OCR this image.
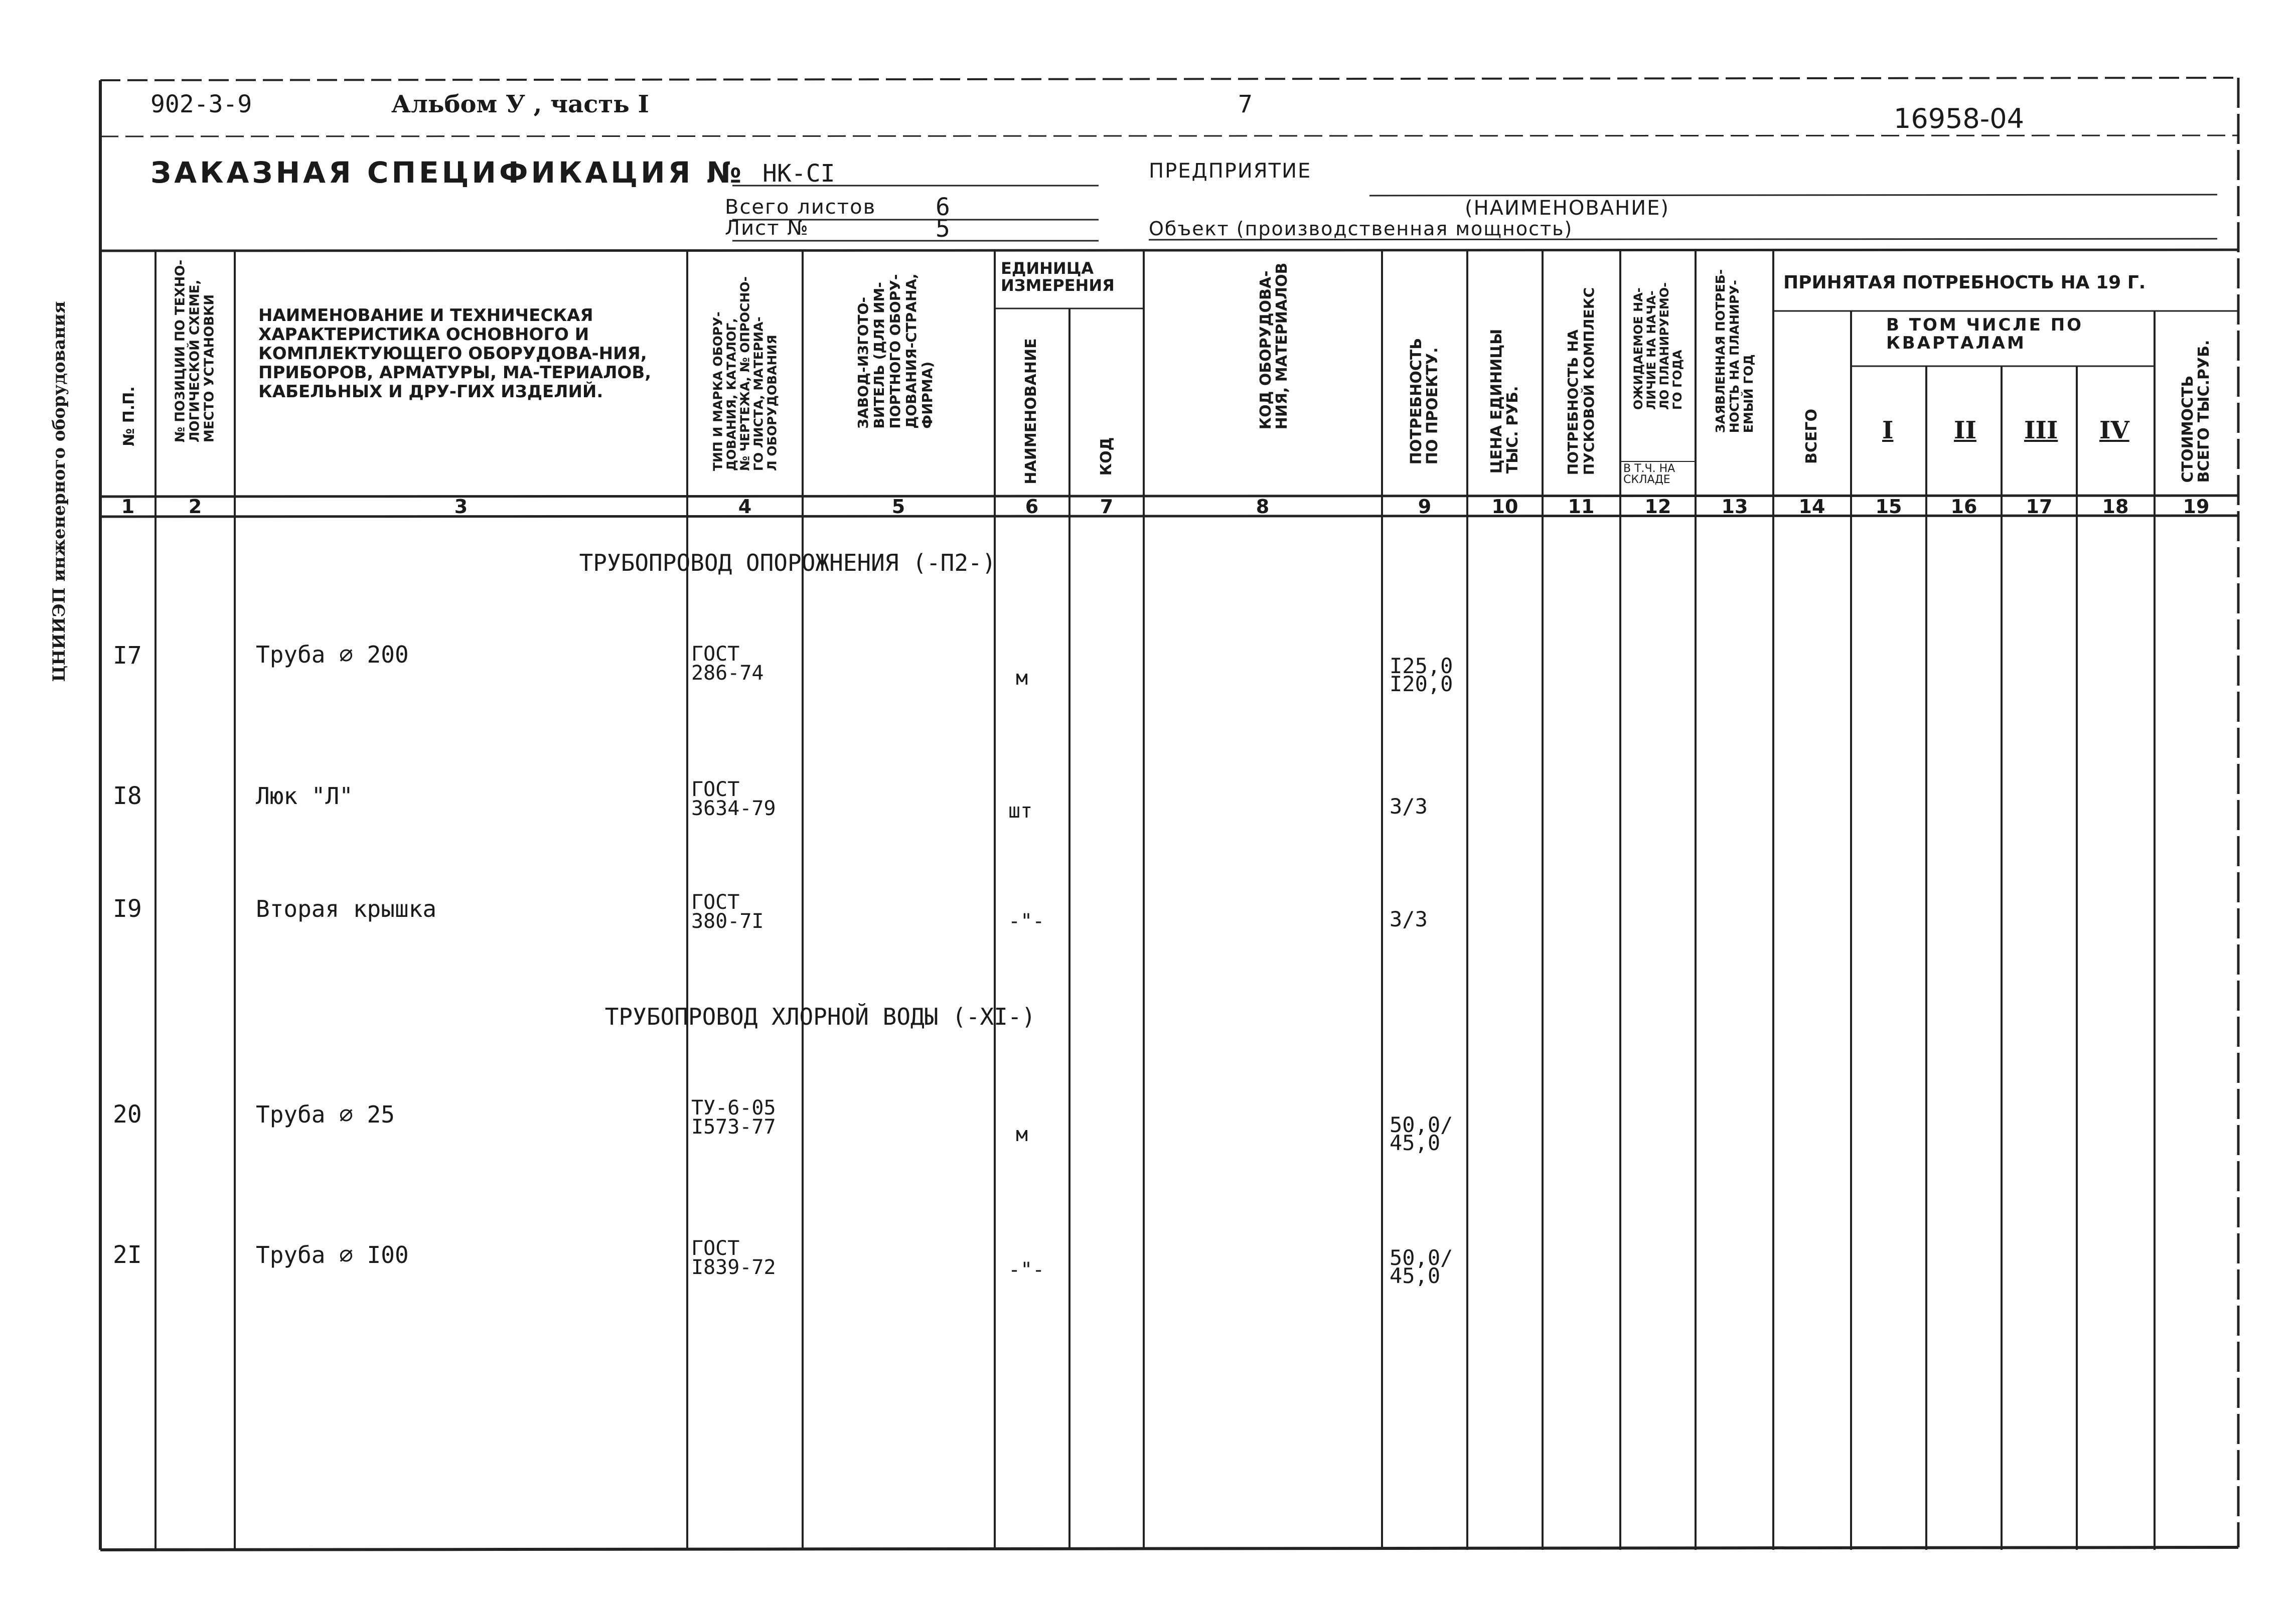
ЦНИИЭП инженерного оборудования
902-3-9	Альбом У , часть I	7	16958-04
ЗАКАЗНАЯ СПЕЦИФИКАЦИЯ № НК-СI	ПРЕДПРИЯТИЕ
(НАИМЕНОВАНИЕ)
Всего листов 6
Лист №	5	Объект (производственная мощность)
№ П.П.	№ ПОЗИЦИИ ПО ТЕХНО-
ЛОГИЧЕСКОЙ СХЕМЕ,
МЕСТО УСТАНОВКИ НАИМЕНОВАНИЕ И ТЕХНИЧЕСКАЯ ХАРАКТЕРИСТИКА ОСНОВНОГО И КОМПЛЕКТУЮЩЕГО ОБОРУДОВА-НИЯ, ПРИБОРОВ, АРМАТУРЫ, МА-ТЕРИАЛОВ, КАБЕЛЬНЫХ И ДРУ-ГИХ ИЗДЕЛИЙ.
ТИП И МАРКА ОБОРУ-
ДОВАНИЯ, КАТАЛОГ,
№ ЧЕРТЕЖА, № ОПРОСНО-
ГО ЛИСТА, МАТЕРИА-
Л ОБОРУДОВАНИЯ	ЗАВОД-ИЗГОТО-
ВИТЕЛЬ (ДЛЯ ИМ-
ПОРТНОГО ОБОРУ-
ДОВАНИЯ-СТРАНА,
ФИРМА)
ЕДИНИЦА ИЗМЕРЕНИЯ
НАИМЕНОВАНИЕ	КОД
КОД ОБОРУДОВА-
НИЯ, МАТЕРИАЛОВ
ПОТРЕБНОСТЬ
ПО ПРОЕКТУ.
ЦЕНА ЕДИНИЦЫ
ТЫС. РУБ.	ПОТРЕБНОСТЬ НА
ПУСКОВОЙ КОМПЛЕКС	ОЖИДАЕМОЕ НА-
ЛИЧИЕ НА НАЧА-
ЛО ПЛАНИРУЕМО-
ГО ГОДА
В Т.Ч. НА СКЛАДЕ
ЗАЯВЛЕННАЯ ПОТРЕБ-
НОСТЬ НА ПЛАНИРУ-
ЕМЫЙ ГОД
ПРИНЯТАЯ ПОТРЕБНОСТЬ НА 19 Г.
ВСЕГО
В ТОМ ЧИСЛЕ ПО КВАРТАЛАМ
I	II III IV	СТОИМОСТЬ
ВСЕГО ТЫС.РУБ.
1	2	3	4	5	6	7	8	9	10	11	12	13	14	15	16	17	18	19
ТРУБОПРОВОД ОПОРОЖНЕНИЯ (-П2-)
ТРУБОПРОВОД ХЛОРНОЙ ВОДЫ (-XI-)
I7	Труба ∅ 200	ГОСТ
286-74	м	I25,0
I20,0
I8	Люк "Л"	ГОСТ
3634-79	шт	3/3
I9	Вторая крышка	ГОСТ
380-7I	-"-	3/3
20	Труба ∅ 25	ТУ-6-05
I573-77	м	50,0/
45,0
2I	Труба ∅ I00	ГОСТ
I839-72	-"-	50,0/
45,0
